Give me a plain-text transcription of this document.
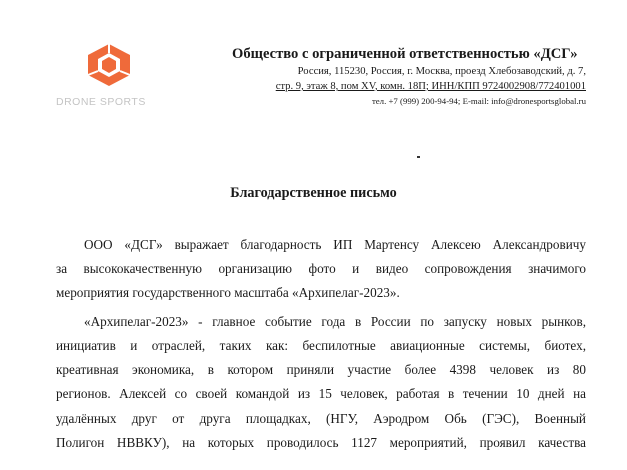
DRONE SPORTS
Общество с ограниченной ответственностью «ДСГ»
Россия, 115230, Россия, г. Москва, проезд Хлебозаводский, д. 7,
стр. 9, этаж 8, пом XV, комн. 18П; ИНН/КПП 9724002908/772401001
тел. +7 (999) 200-94-94; E-mail: info@dronesportsglobal.ru
Благодарственное письмо
ООО «ДСГ» выражает благодарность ИП Мартенсу Алексею Александровичу
за высококачественную организацию фото и видео сопровождения значимого
мероприятия государственного масштаба «Архипелаг-2023».
«Архипелаг-2023» - главное событие года в России по запуску новых рынков,
инициатив и отраслей, таких как: беспилотные авиационные системы, биотех,
креативная экономика, в котором приняли участие более 4398 человек из 80
регионов. Алексей со своей командой из 15 человек, работая в течении 10 дней на
удалённых друг от друга площадках, (НГУ, Аэродром Обь (ГЭС), Военный
Полигон НВВКУ), на которых проводилось 1127 мероприятий, проявил качества
